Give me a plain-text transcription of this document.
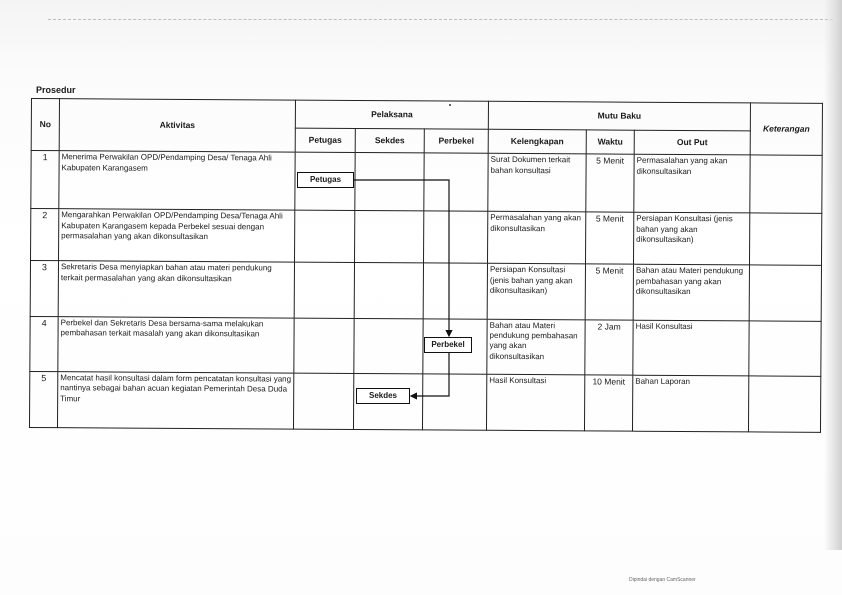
Prosedur
No	Aktivitas	Pelaksana			Mutu Baku			Keterangan
		Petugas	Sekdes	Perbekel	Kelengkapan	Waktu	Out Put	
1	Menerima Perwakilan OPD/Pendamping Desa/ Tenaga Ahli Kabupaten Karangasem				Surat Dokumen terkait bahan konsultasi	5 Menit	Permasalahan yang akan dikonsultasikan	
2	Mengarahkan Perwakilan OPD/Pendamping Desa/Tenaga Ahli Kabupaten Karangasem kepada Perbekel sesuai dengan permasalahan yang akan dikonsultasikan				Permasalahan yang akan dikonsultasikan	5 Menit	Persiapan Konsultasi (jenis bahan yang akan dikonsultasikan)	
3	Sekretaris Desa menyiapkan bahan atau materi pendukung terkait permasalahan yang akan dikonsultasikan				Persiapan Konsultasi (jenis bahan yang akan dikonsultasikan)	5 Menit	Bahan atau Materi pendukung pembahasan yang akan dikonsultasikan	
4	Perbekel dan Sekretaris Desa bersama-sama melakukan pembahasan terkait masalah yang akan dikonsultasikan				Bahan atau Materi pendukung pembahasan yang akan dikonsultasikan	2 Jam	Hasil Konsultasi	
5	Mencatat hasil konsultasi dalam form pencatatan konsultasi yang nantinya sebagai bahan acuan kegiatan Pemerintah Desa Duda Timur				Hasil Konsultasi	10 Menit	Bahan Laporan	
Petugas
Perbekel
Sekdes
Dipindai dengan CamScanner
